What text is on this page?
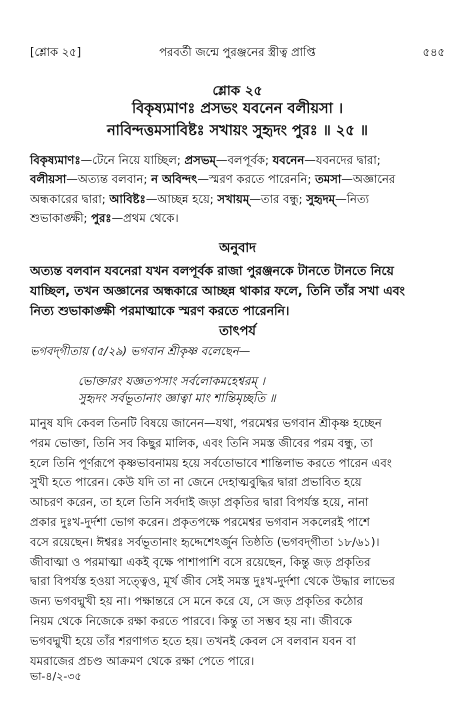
[শ্লোক ২৫]	পরবর্তী জন্মে পুরঞ্জনের স্ত্রীত্ব প্রাপ্তি	৫৪৫
শ্লোক ২৫
বিকৃষ্যমাণঃ প্রসভং যবনেন বলীয়সা ।
নাবিন্দত্তমসাবিষ্টঃ সখায়ং সুহৃদং পুরঃ ॥ ২৫ ॥
বিকৃষ্যমাণঃ—টেনে নিয়ে যাচ্ছিল; প্রসভম্—বলপূর্বক; যবনেন—যবনদের দ্বারা;
বলীয়সা—অত্যন্ত বলবান; ন অবিন্দৎ—স্মরণ করতে পারেননি; তমসা—অজ্ঞানের
অন্ধকারের দ্বারা; আবিষ্টঃ—আচ্ছন্ন হয়ে; সখায়ম্—তার বন্ধু; সুহৃদম্—নিত্য
শুভাকাঙ্ক্ষী; পুরঃ—প্রথম থেকে।
অনুবাদ
অত্যন্ত বলবান যবনেরা যখন বলপূর্বক রাজা পুরঞ্জনকে টানতে টানতে নিয়ে
যাচ্ছিল, তখন অজ্ঞানের অন্ধকারে আচ্ছন্ন থাকার ফলে, তিনি তাঁর সখা এবং
নিত্য শুভাকাঙ্ক্ষী পরমাত্মাকে স্মরণ করতে পারেননি।
তাৎপর্য
ভগবদ্‌গীতায় (৫/২৯) ভগবান শ্রীকৃষ্ণ বলেছেন—
ভোক্তারং যজ্ঞতপসাং সর্বলোকমহেশ্বরম্ ।
সুহৃদং সর্বভূতানাং জ্ঞাত্বা মাং শান্তিমৃচ্ছতি ॥
মানুষ যদি কেবল তিনটি বিষয়ে জানেন—যথা, পরমেশ্বর ভগবান শ্রীকৃষ্ণ হচ্ছেন
পরম ভোক্তা, তিনি সব কিছুর মালিক, এবং তিনি সমস্ত জীবের পরম বন্ধু, তা
হলে তিনি পূর্ণরূপে কৃষ্ণভাবনাময় হয়ে সর্বতোভাবে শান্তিলাভ করতে পারেন এবং
সুখী হতে পারেন। কেউ যদি তা না জেনে দেহাত্মবুদ্ধির দ্বারা প্রভাবিত হয়ে
আচরণ করেন, তা হলে তিনি সর্বদাই জড়া প্রকৃতির দ্বারা বিপর্যস্ত হয়ে, নানা
প্রকার দুঃখ-দুর্দশা ভোগ করেন। প্রকৃতপক্ষে পরমেশ্বর ভগবান সকলেরই পাশে
বসে রয়েছেন। ঈশ্বরঃ সর্বভূতানাং হৃদ্দেশেঽর্জুন তিষ্ঠতি (ভগবদ্‌গীতা ১৮/৬১)।
জীবাত্মা ও পরমাত্মা একই বৃক্ষে পাশাপাশি বসে রয়েছেন, কিন্তু জড় প্রকৃতির
দ্বারা বিপর্যস্ত হওয়া সত্ত্বেও, মূর্খ জীব সেই সমস্ত দুঃখ-দুর্দশা থেকে উদ্ধার লাভের
জন্য ভগবদ্মুখী হয় না। পক্ষান্তরে সে মনে করে যে, সে জড় প্রকৃতির কঠোর
নিয়ম থেকে নিজেকে রক্ষা করতে পারবে। কিন্তু তা সম্ভব হয় না। জীবকে
ভগবদ্মুখী হয়ে তাঁর শরণাগত হতে হয়। তখনই কেবল সে বলবান যবন বা
যমরাজের প্রচণ্ড আক্রমণ থেকে রক্ষা পেতে পারে।
ভা-৪/২-৩৫
